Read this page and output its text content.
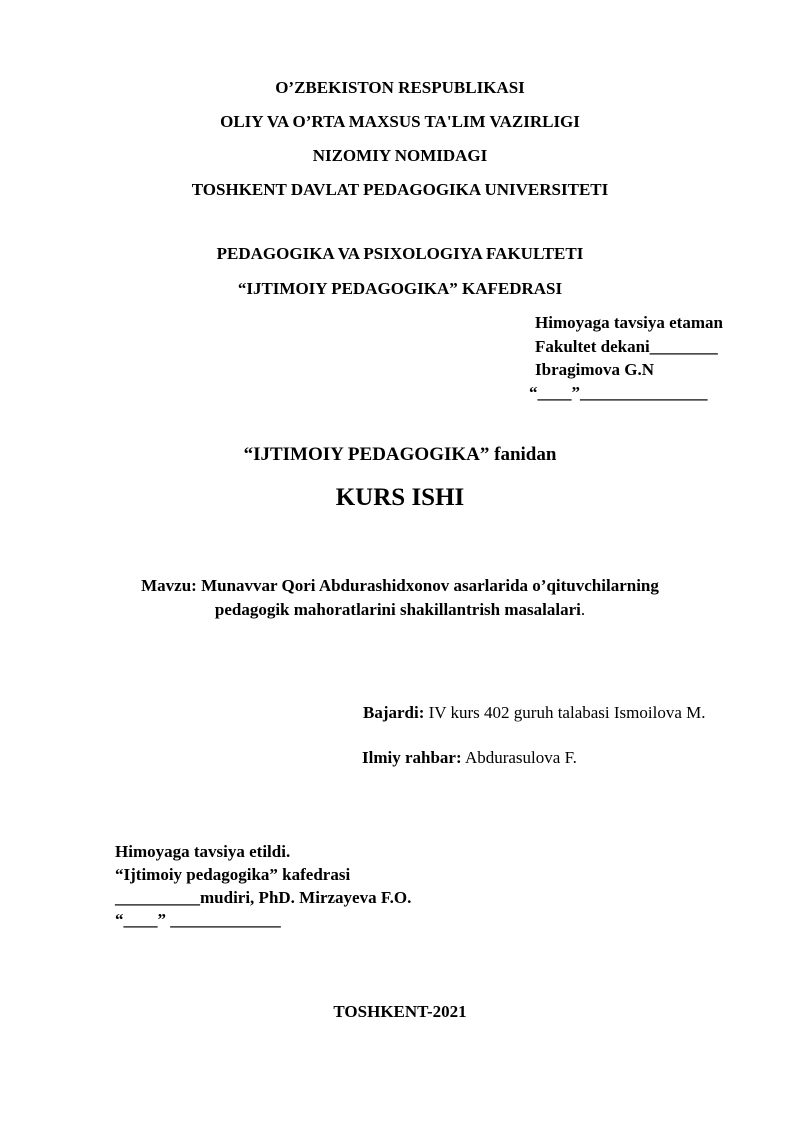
O’ZBEKISTON RESPUBLIKASI
OLIY VA O’RTA MAXSUS TA'LIM VAZIRLIGI
NIZOMIY NOMIDAGI
TOSHKENT DAVLAT PEDAGOGIKA UNIVERSITETI
PEDAGOGIKA VA PSIXOLOGIYA FAKULTETI
“IJTIMOIY PEDAGOGIKA” KAFEDRASI
Himoyaga tavsiya etaman
Fakultet dekani________
Ibragimova G.N
“____”_______________
“IJTIMOIY PEDAGOGIKA” fanidan
KURS ISHI
Mavzu: Munavvar Qori Abdurashidxonov asarlarida o’qituvchilarning
pedagogik mahoratlarini shakillantrish masalalari.
Bajardi: IV kurs 402 guruh talabasi Ismoilova M.
Ilmiy rahbar: Abdurasulova F.
Himoyaga tavsiya etildi.
“Ijtimoiy pedagogika” kafedrasi
__________mudiri, PhD. Mirzayeva F.O.
“____” _____________
TOSHKENT-2021
